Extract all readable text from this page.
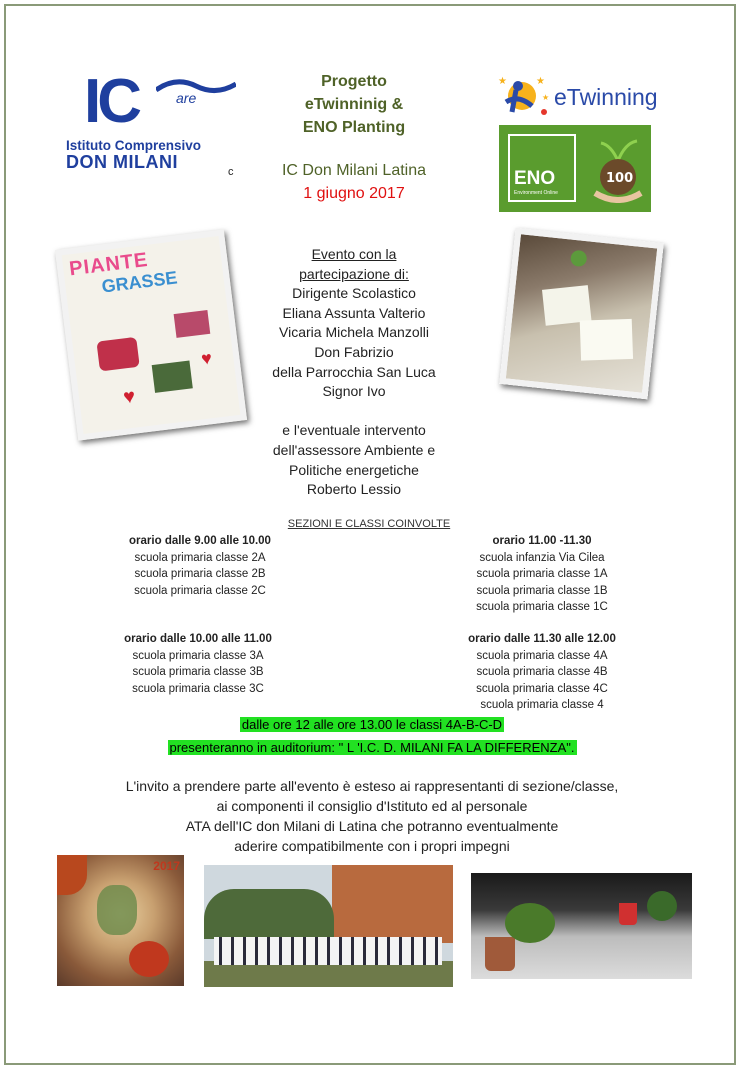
IC	are
Istituto Comprensivo
DON MILANI	c
Progetto
eTwinninig &
ENO Planting
IC Don Milani Latina
1 giugno 2017
★	★
★ eTwinning
ENO
Environment Online
100
PIANTE
GRASSE
♥
♥
Evento con la
partecipazione di:
Dirigente Scolastico
Eliana Assunta Valterio
Vicaria Michela Manzolli
Don Fabrizio
della Parrocchia San Luca
Signor Ivo
e l'eventuale intervento
dell'assessore Ambiente e
Politiche energetiche
Roberto Lessio
SEZIONI E CLASSI COINVOLTE
orario dalle 9.00 alle 10.00
scuola primaria classe 2A
scuola primaria classe 2B
scuola primaria classe 2C
orario 11.00 -11.30
scuola infanzia Via Cilea
scuola primaria classe 1A
scuola primaria classe 1B
scuola primaria classe 1C
orario dalle 10.00 alle 11.00
scuola primaria classe 3A
scuola primaria classe 3B
scuola primaria classe 3C
orario dalle 11.30 alle 12.00
scuola primaria classe 4A
scuola primaria classe 4B
scuola primaria classe 4C
scuola primaria classe 4
dalle ore 12 alle ore 13.00 le classi 4A-B-C-D
presenteranno in auditorium: " L 'I.C. D. MILANI FA LA DIFFERENZA".
L'invito a prendere parte all'evento è esteso ai rappresentanti di sezione/classe,
ai componenti il consiglio d'Istituto ed al personale
ATA dell'IC don Milani di Latina che potranno eventualmente
aderire compatibilmente con i propri impegni
2017
